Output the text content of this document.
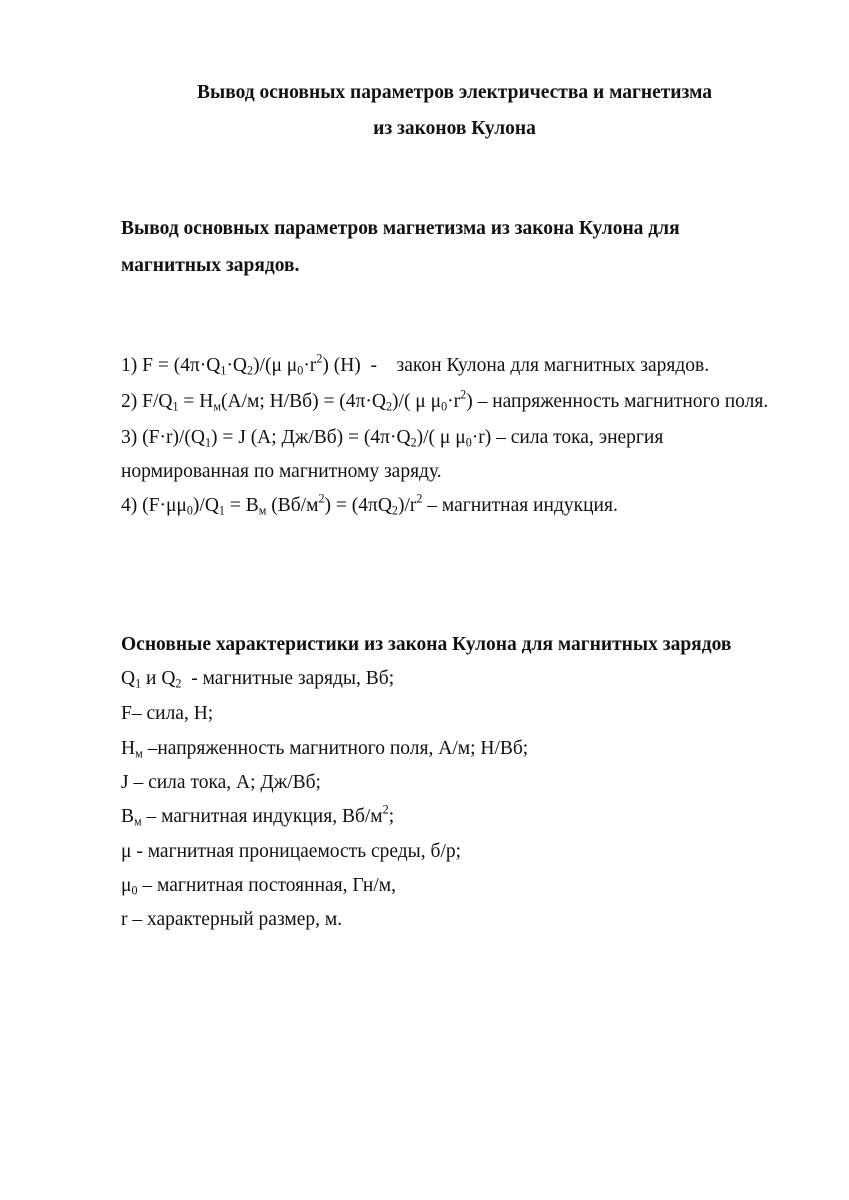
Вывод основных параметров электричества и магнетизма
из законов Кулона
Вывод основных параметров магнетизма из закона Кулона для
магнитных зарядов.
1) $F = (4\pi\cdot Q_1\cdot Q_2)/(\mu$ $\mu_0\cdot r^2$) (Н)  -    закон Кулона для магнитных зарядов.
2) $F/Q_1 = H_м(А/м$; $Н/Вб) = (4\pi\cdot Q_2)/$( μ $\mu_0\cdot r^2$) – напряженность магнитного поля.
3) $(F\cdot r)/(Q_1) = J$ (А; $Дж/Вб) = (4\pi\cdot Q_2)/$( μ $\mu_0\cdot r$) – сила тока, энергия
нормированная по магнитному заряду.
4) $(F\cdot\mu\mu_0)/Q_1 = B_м$ $(Вб/м^2) = (4\pi Q_2)/r^2$ – магнитная индукция.
Основные характеристики из закона Кулона для магнитных зарядов
$Q_1$ и $Q_2$  - магнитные заряды, Вб;
F– сила, Н;
$H_м$ –напряженность магнитного поля, А/м; Н/Вб;
J – сила тока, А; Дж/Вб;
$B_м$ – магнитная индукция, $Вб/м^2$;
μ - магнитная проницаемость среды, б/р;
$\mu_0$ – магнитная постоянная, Гн/м,
r – характерный размер, м.
